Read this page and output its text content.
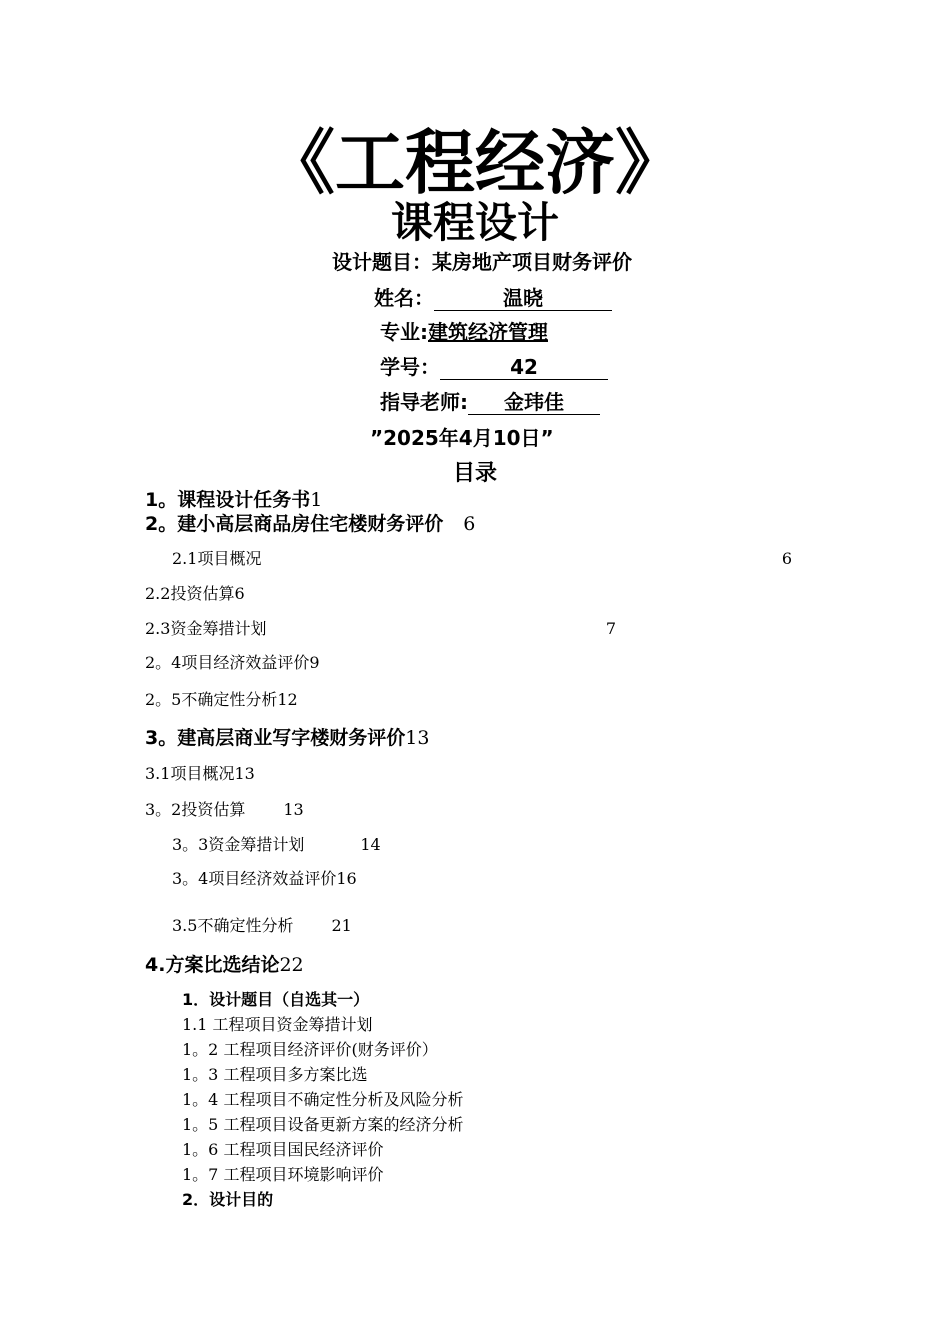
《工程经济》
课程设计
设计题目：某房地产项目财务评价
姓名：	温晓
专业:建筑经济管理
学号：	42
指导老师: 金玮佳
”2025年4月10日”
目录
1。课程设计任务书1
2。建小高层商品房住宅楼财务评价 6
2.1项目概况	6
2.2投资估算6
2.3资金筹措计划	7
2。4项目经济效益评价9
2。5不确定性分析12
3。建高层商业写字楼财务评价13
3.1项目概况13
3。2投资估算 13
3。3资金筹措计划	14
3。4项目经济效益评价16
3.5不确定性分析 21
4.方案比选结论22
1．设计题目（自选其一）
1.1 工程项目资金筹措计划
1。2 工程项目经济评价(财务评价）
1。3 工程项目多方案比选
1。4 工程项目不确定性分析及风险分析
1。5 工程项目设备更新方案的经济分析
1。6 工程项目国民经济评价
1。7 工程项目环境影响评价
2．设计目的
